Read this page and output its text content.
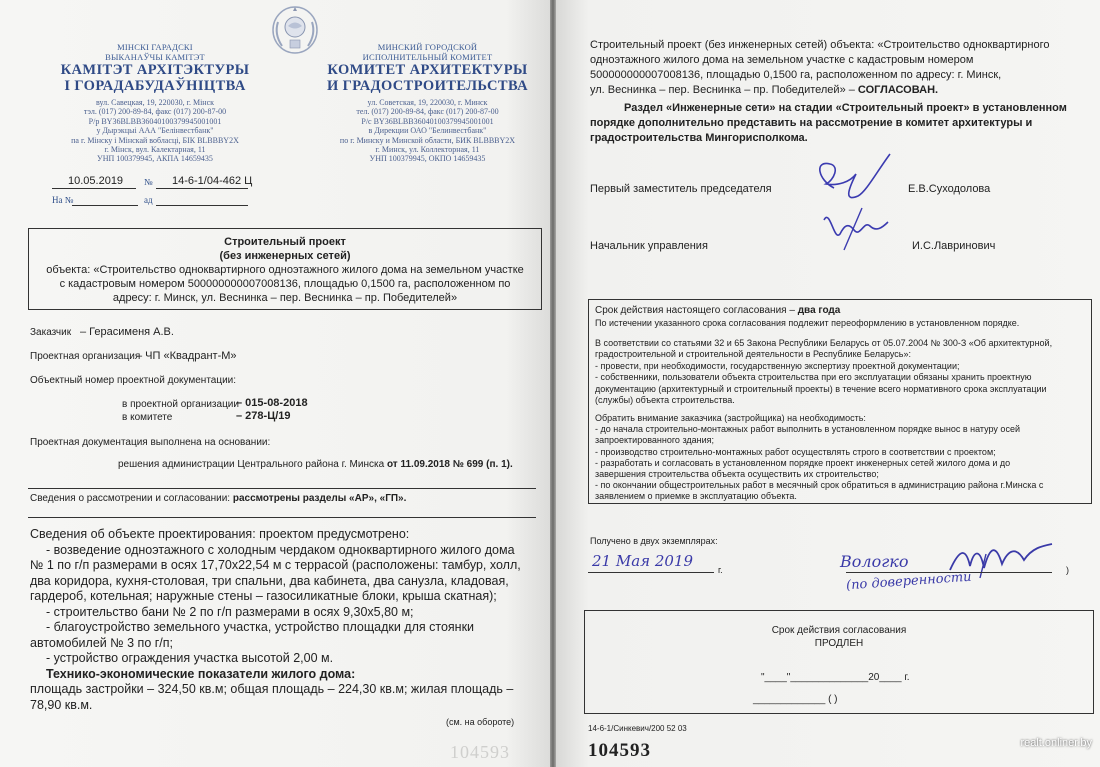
МІНСКІ ГАРАДСКІ
ВЫКАНАЎЧЫ КАМІТЭТ
КАМІТЭТ АРХІТЭКТУРЫ
І ГОРАДАБУДАЎНІЦТВА
вул. Савецкая, 19, 220030, г. Мінск
тэл. (017) 200-89-84, факс (017) 200-87-00
Р/р BY36BLBB36040100379945001001
у Дырэкцыі ААА "Белінвестбанк"
па г. Мінску і Мінскай вобласці, БІК BLBBBY2X
г. Мінск, вул. Калектарная, 11
УНП 100379945, АКПА 14659435
МИНСКИЙ ГОРОДСКОЙ
ИСПОЛНИТЕЛЬНЫЙ КОМИТЕТ
КОМИТЕТ АРХИТЕКТУРЫ
И ГРАДОСТРОИТЕЛЬСТВА
ул. Советская, 19, 220030, г. Минск
тел. (017) 200-89-84, факс (017) 200-87-00
Р/с BY36BLBB36040100379945001001
в Дирекции ОАО "Белинвестбанк"
по г. Минску и Минской области, БИК BLBBBY2X
г. Минск, ул. Коллекторная, 11
УНП 100379945, ОКПО 14659435
10.05.2019 № 14-6-1/04-462 Ц
На №	ад
Строительный проект
(без инженерных сетей)
объекта: «Строительство одноквартирного одноэтажного жилого дома на земельном участке
с кадастровым номером 500000000007008136, площадью 0,1500 га, расположенном по
адресу: г. Минск, ул. Веснинка – пер. Веснинка – пр. Победителей»
Заказчик – Герасименя А.В.
Проектная организация
– ЧП «Квадрант-М»
Объектный номер проектной документации:
в проектной организации
– 015-08-2018
в комитете	– 278-Ц/19
Проектная документация выполнена на основании:
решения администрации Центрального района г. Минска от 11.09.2018 № 699 (п. 1).
Сведения о рассмотрении и согласовании: рассмотрены разделы «АР», «ГП».
Сведения об объекте проектирования: проектом предусмотрено:
- возведение одноэтажного с холодным чердаком одноквартирного жилого дома
№ 1 по г/п размерами в осях 17,70х22,54 м с террасой (расположены: тамбур, холл,
два коридора, кухня-столовая, три спальни, два кабинета, два санузла, кладовая,
гардероб, котельная; наружные стены – газосиликатные блоки, крыша скатная);
- строительство бани № 2 по г/п размерами в осях 9,30х5,80 м;
- благоустройство земельного участка, устройство площадки для стоянки
автомобилей № 3 по г/п;
- устройство ограждения участка высотой 2,00 м.
Технико-экономические показатели жилого дома:
площадь застройки – 324,50 кв.м; общая площадь – 224,30 кв.м; жилая площадь –
78,90 кв.м.
(см. на обороте)
104593
Строительный проект (без инженерных сетей) объекта: «Строительство одноквартирного
одноэтажного жилого дома на земельном участке с кадастровым номером
500000000007008136, площадью 0,1500 га, расположенном по адресу: г. Минск,
ул. Веснинка – пер. Веснинка – пр. Победителей» – СОГЛАСОВАН.
Раздел «Инженерные сети» на стадии «Строительный проект» в установленном
порядке дополнительно представить на рассмотрение в комитет архитектуры и
градостроительства Мингорисполкома.
Первый заместитель председателя	Е.В.Суходолова
Начальник управления	И.С.Лавринович
Срок действия настоящего согласования – два года
По истечении указанного срока согласования подлежит переоформлению в установленном порядке.
В соответствии со статьями 32 и 65 Закона Республики Беларусь от 05.07.2004 № 300-З «Об архитектурной,
градостроительной и строительной деятельности в Республике Беларусь»:
- провести, при необходимости, государственную экспертизу проектной документации;
- собственники, пользователи объекта строительства при его эксплуатации обязаны хранить проектную
документацию (архитектурный и строительный проекты) в течение всего нормативного срока эксплуатации
(службы) объекта строительства.
Обратить внимание заказчика (застройщика) на необходимость:
- до начала строительно-монтажных работ выполнить в установленном порядке вынос в натуру осей
запроектированного здания;
- производство строительно-монтажных работ осуществлять строго в соответствии с проектом;
- разработать и согласовать в установленном порядке проект инженерных сетей жилого дома и до
завершения строительства объекта осуществить их строительство;
- по окончании общестроительных работ в месячный срок обратиться в администрацию района г.Минска с
заявлением о приемке в эксплуатацию объекта.
Получено в двух экземплярах:
21 Мая 2019	г.	Вологко
(по доверенности	)
Срок действия согласования
ПРОДЛЕН
"____"______________20____ г.
_____________ ( )
14-6-1/Синкевич/200 52 03
104593	realt.onliner.by
